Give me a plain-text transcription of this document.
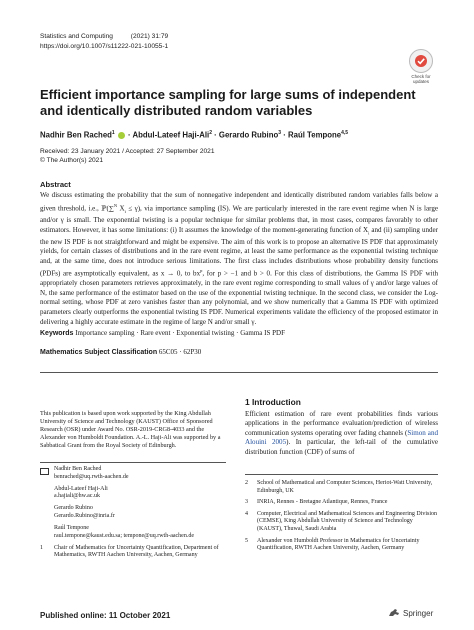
Statistics and Computing	(2021) 31:79
https://doi.org/10.1007/s11222-021-10055-1
Check for
updates
Efficient importance sampling for large sums of independent and identically distributed random variables
Nadhir Ben Rached$^1$  · Abdul-Lateef Haji-Ali$^2$ · Gerardo Rubino$^3$ · Raúl Tempone$^{4,5}$
Received: 23 January 2021 / Accepted: 27 September 2021
© The Author(s) 2021
Abstract
We discuss estimating the probability that the sum of nonnegative independent and identically distributed random variables falls below a given threshold, i.e., ℙ(∑$^N$ $X_i \le \gamma$), via importance sampling (IS). We are particularly interested in the rare event regime when N is large and/or γ is small. The exponential twisting is a popular technique for similar problems that, in most cases, compares favorably to other estimators. However, it has some limitations: (i) It assumes the knowledge of the moment-generating function of $X_i$ and (ii) sampling under the new IS PDF is not straightforward and might be expensive. The aim of this work is to propose an alternative IS PDF that approximately yields, for certain classes of distributions and in the rare event regime, at least the same performance as the exponential twisting technique and, at the same time, does not introduce serious limitations. The first class includes distributions whose probability density functions (PDFs) are asymptotically equivalent, as x → 0, to $bx^p$, for p > −1 and b > 0. For this class of distributions, the Gamma IS PDF with appropriately chosen parameters retrieves approximately, in the rare event regime corresponding to small values of γ and/or large values of N, the same performance of the estimator based on the use of the exponential twisting technique. In the second class, we consider the Log-normal setting, whose PDF at zero vanishes faster than any polynomial, and we show numerically that a Gamma IS PDF with optimized parameters clearly outperforms the exponential twisting IS PDF. Numerical experiments validate the efficiency of the proposed estimator in delivering a highly accurate estimate in the regime of large N and/or small γ.
Keywords Importance sampling · Rare event · Exponential twisting · Gamma IS PDF
Mathematics Subject Classification 65C05 · 62P30
This publication is based upon work supported by the King Abdullah University of Science and Technology (KAUST) Office of Sponsored Research (OSR) under Award No. OSR-2019-CRG8-4033 and the Alexander von Humboldt Foundation. A.-L. Haji-Ali was supported by a Sabbatical Grant from the Royal Society of Edinburgh.
Nadhir Ben Rached
benrached@uq.rwth-aachen.de
Abdul-Lateef Haji-Ali
a.hajiali@hw.ac.uk
Gerardo Rubino
Gerardo.Rubino@inria.fr
Raúl Tempone
raul.tempone@kaust.edu.sa; tempone@uq.rwth-aachen.de
1 Chair of Mathematics for Uncertainty Quantification, Department of Mathematics, RWTH Aachen University, Aachen, Germany
1 Introduction
Efficient estimation of rare event probabilities finds various applications in the performance evaluation/prediction of wireless communication systems operating over fading channels (Simon and Alouini 2005). In particular, the left-tail of the cumulative distribution function (CDF) of sums of
2 School of Mathematical and Computer Sciences, Heriot-Watt University, Edinburgh, UK
3 INRIA, Rennes - Bretagne Atlantique, Rennes, France
4 Computer, Electrical and Mathematical Sciences and Engineering Division (CEMSE), King Abdullah University of Science and Technology (KAUST), Thuwal, Saudi Arabia
5 Alexander von Humboldt Professor in Mathematics for Uncertainty Quantification, RWTH Aachen University, Aachen, Germany
Published online: 11 October 2021	Springer
